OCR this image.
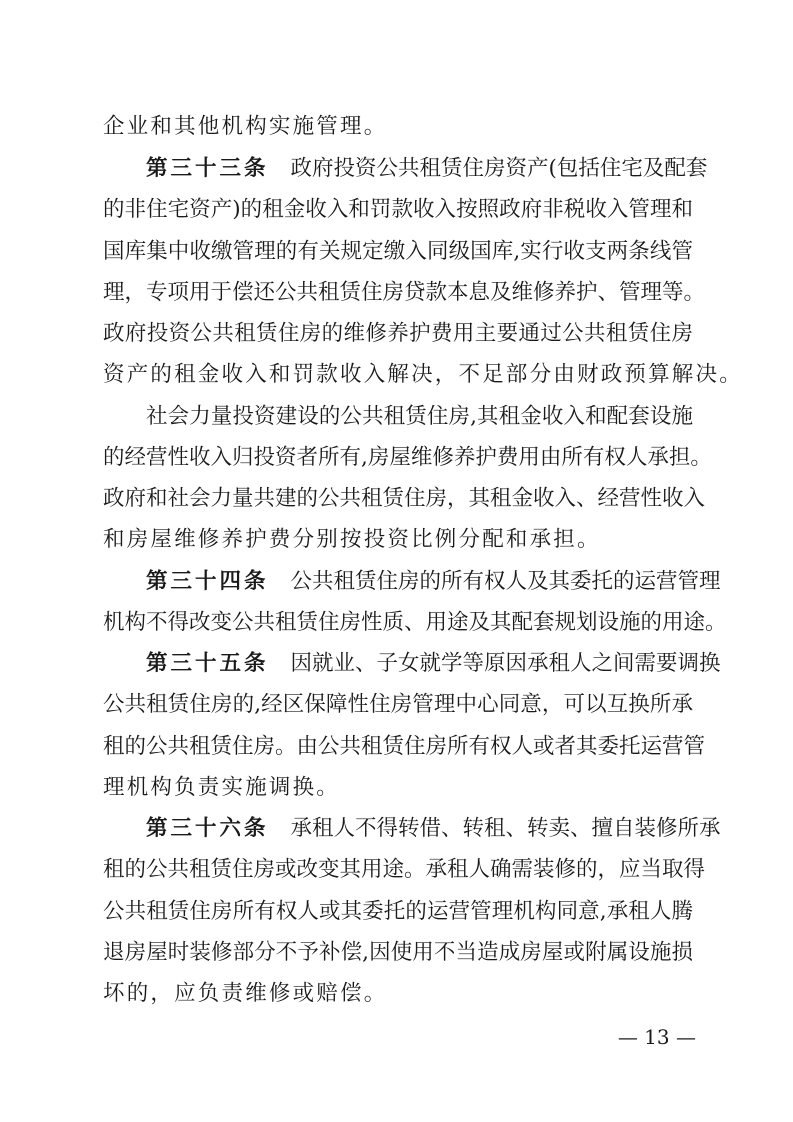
企业和其他机构实施管理。
第三十三条 政府投资公共租赁住房资产(包括住宅及配套
的非住宅资产)的租金收入和罚款收入按照政府非税收入管理和
国库集中收缴管理的有关规定缴入同级国库,实行收支两条线管
理，专项用于偿还公共租赁住房贷款本息及维修养护、管理等。
政府投资公共租赁住房的维修养护费用主要通过公共租赁住房
资产的租金收入和罚款收入解决，不足部分由财政预算解决。
社会力量投资建设的公共租赁住房,其租金收入和配套设施
的经营性收入归投资者所有,房屋维修养护费用由所有权人承担。
政府和社会力量共建的公共租赁住房，其租金收入、经营性收入
和房屋维修养护费分别按投资比例分配和承担。
第三十四条 公共租赁住房的所有权人及其委托的运营管理
机构不得改变公共租赁住房性质、用途及其配套规划设施的用途。
第三十五条 因就业、子女就学等原因承租人之间需要调换
公共租赁住房的,经区保障性住房管理中心同意，可以互换所承
租的公共租赁住房。由公共租赁住房所有权人或者其委托运营管
理机构负责实施调换。
第三十六条 承租人不得转借、转租、转卖、擅自装修所承
租的公共租赁住房或改变其用途。承租人确需装修的，应当取得
公共租赁住房所有权人或其委托的运营管理机构同意,承租人腾
退房屋时装修部分不予补偿,因使用不当造成房屋或附属设施损
坏的，应负责维修或赔偿。
— 13 —
